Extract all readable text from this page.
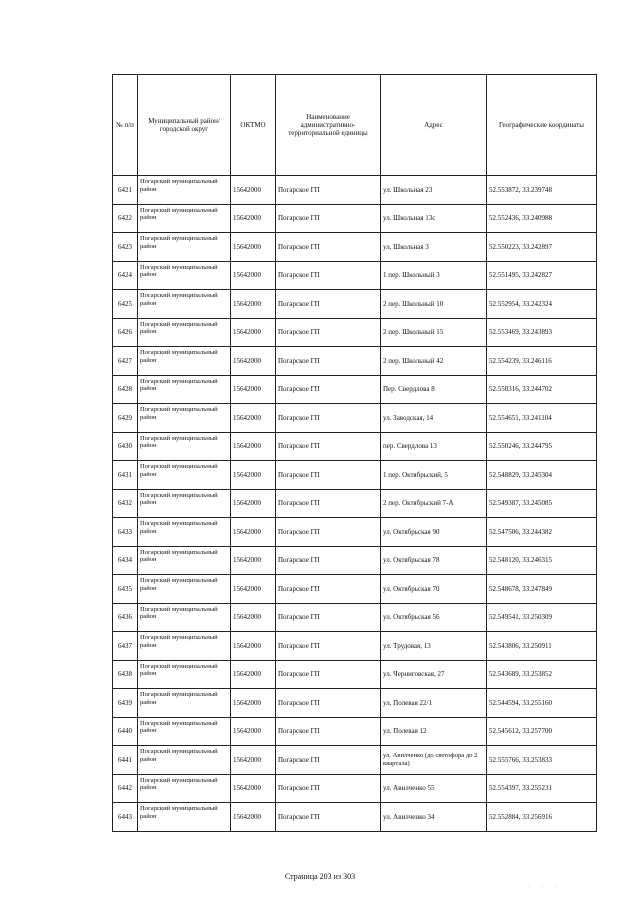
№ п/п	Муниципальный район/городской округ	ОКТМО	Наименование административно-территориальной единицы	Адрес	Географические координаты
6421	Погарский муниципальный район	15642000	Погарское ГП	ул. Школьная 23	52.553872, 33.239748
6422	Погарский муниципальный район	15642000	Погарское ГП	ул. Школьная 13с	52.552436, 33.240988
6423	Погарский муниципальный район	15642000	Погарское ГП	ул. Школьная 3	52.550223, 33.242897
6424	Погарский муниципальный район	15642000	Погарское ГП	1 пер. Школьный 3	52.551495, 33.242827
6425	Погарский муниципальный район	15642000	Погарское ГП	2 пер. Школьный 10	52.552954, 33.242324
6426	Погарский муниципальный район	15642000	Погарское ГП	2 пер. Школьный 15	52.553469, 33.243893
6427	Погарский муниципальный район	15642000	Погарское ГП	2 пер. Школьный 42	52.554239, 33.246116
6428	Погарский муниципальный район	15642000	Погарское ГП	Пер. Свердлова 8	52.550316, 33.244702
6429	Погарский муниципальный район	15642000	Погарское ГП	ул. Заводская, 14	52.554651, 33.241104
6430	Погарский муниципальный район	15642000	Погарское ГП	пер. Свердлова 13	52.550246, 33.244795
6431	Погарский муниципальный район	15642000	Погарское ГП	1 пер. Октябрьский, 5	52.548829, 33.245304
6432	Погарский муниципальный район	15642000	Погарское ГП	2 пер. Октябрьский 7-А	52.549387, 33.245085
6433	Погарский муниципальный район	15642000	Погарское ГП	ул. Октябрьская 90	52.547506, 33.244382
6434	Погарский муниципальный район	15642000	Погарское ГП	ул. Октябрьская 78	52.548120, 33.246315
6435	Погарский муниципальный район	15642000	Погарское ГП	ул. Октябрьская 70	52.548678, 33.247849
6436	Погарский муниципальный район	15642000	Погарское ГП	ул. Октябрьская 56	52.549541, 33.250309
6437	Погарский муниципальный район	15642000	Погарское ГП	ул. Трудовая, 13	52.543806, 33.250911
6438	Погарский муниципальный район	15642000	Погарское ГП	ул. Черниговская, 27	52.543689, 33.253852
6439	Погарский муниципальный район	15642000	Погарское ГП	ул. Полевая 22/1	52.544594, 33.255160
6440	Погарский муниципальный район	15642000	Погарское ГП	ул. Полевая 12	52.545612, 33.257700
6441	Погарский муниципальный район	15642000	Погарское ГП	ул. Авилченко (до светофора до 2 квартала)	52.555766, 33.253833
6442	Погарский муниципальный район	15642000	Погарское ГП	ул. Авилченко 55	52.554397, 33.255231
6443	Погарский муниципальный район	15642000	Погарское ГП	ул. Авилченко 34	52.552884, 33.256916
Страница 203 из 303
· · ·
